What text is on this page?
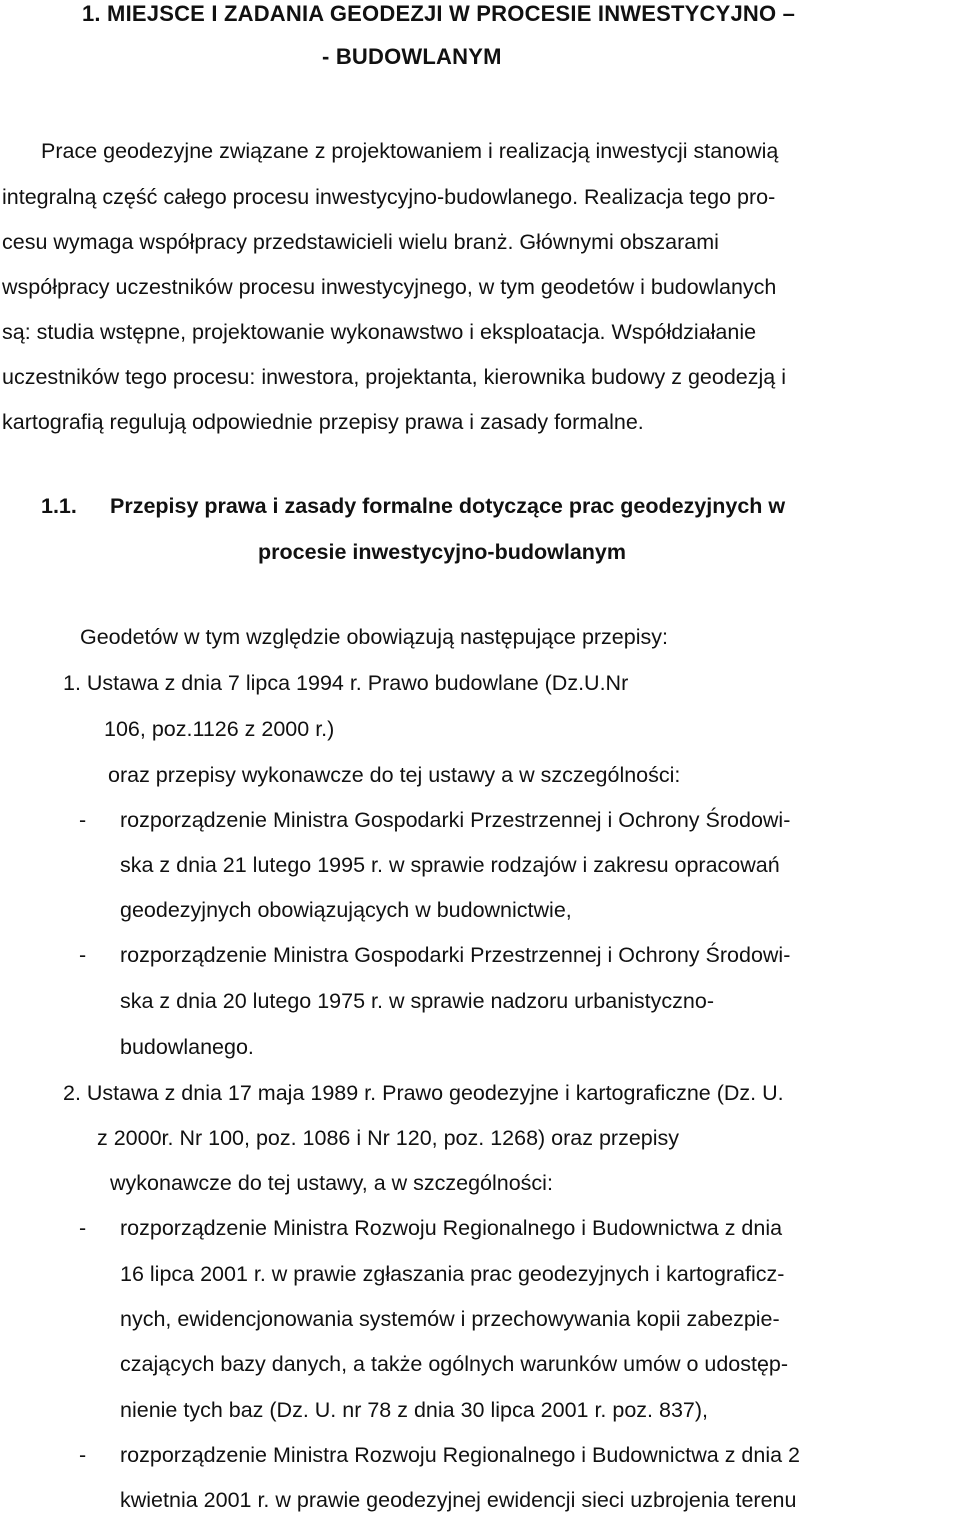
1. MIEJSCE I ZADANIA GEODEZJI W PROCESIE INWESTYCYJNO –
- BUDOWLANYM
Prace geodezyjne związane z projektowaniem i realizacją inwestycji stanowią
integralną część całego procesu inwestycyjno-budowlanego. Realizacja tego pro-
cesu wymaga współpracy przedstawicieli wielu branż. Głównymi obszarami
współpracy uczestników procesu inwestycyjnego, w tym geodetów i budowlanych
są: studia wstępne, projektowanie wykonawstwo i eksploatacja. Współdziałanie
uczestników tego procesu: inwestora, projektanta, kierownika budowy z geodezją i
kartografią regulują odpowiednie przepisy prawa i zasady formalne.
1.1. Przepisy prawa i zasady formalne dotyczące prac geodezyjnych w
procesie inwestycyjno-budowlanym
Geodetów w tym względzie obowiązują następujące przepisy:
1. Ustawa z dnia 7 lipca 1994 r. Prawo budowlane (Dz.U.Nr
106, poz.1126 z 2000 r.)
oraz przepisy wykonawcze do tej ustawy a w szczególności:
- rozporządzenie Ministra Gospodarki Przestrzennej i Ochrony Środowi-
ska z dnia 21 lutego 1995 r. w sprawie rodzajów i zakresu opracowań
geodezyjnych obowiązujących w budownictwie,
- rozporządzenie Ministra Gospodarki Przestrzennej i Ochrony Środowi-
ska z dnia 20 lutego 1975 r. w sprawie nadzoru urbanistyczno-
budowlanego.
2. Ustawa z dnia 17 maja 1989 r. Prawo geodezyjne i kartograficzne (Dz. U.
z 2000r. Nr 100, poz. 1086 i Nr 120, poz. 1268) oraz przepisy
wykonawcze do tej ustawy, a w szczególności:
- rozporządzenie Ministra Rozwoju Regionalnego i Budownictwa z dnia
16 lipca 2001 r. w prawie zgłaszania prac geodezyjnych i kartograficz-
nych, ewidencjonowania systemów i przechowywania kopii zabezpie-
czających bazy danych, a także ogólnych warunków umów o udostęp-
nienie tych baz (Dz. U. nr 78 z dnia 30 lipca 2001 r. poz. 837),
- rozporządzenie Ministra Rozwoju Regionalnego i Budownictwa z dnia 2
kwietnia 2001 r. w prawie geodezyjnej ewidencji sieci uzbrojenia terenu
